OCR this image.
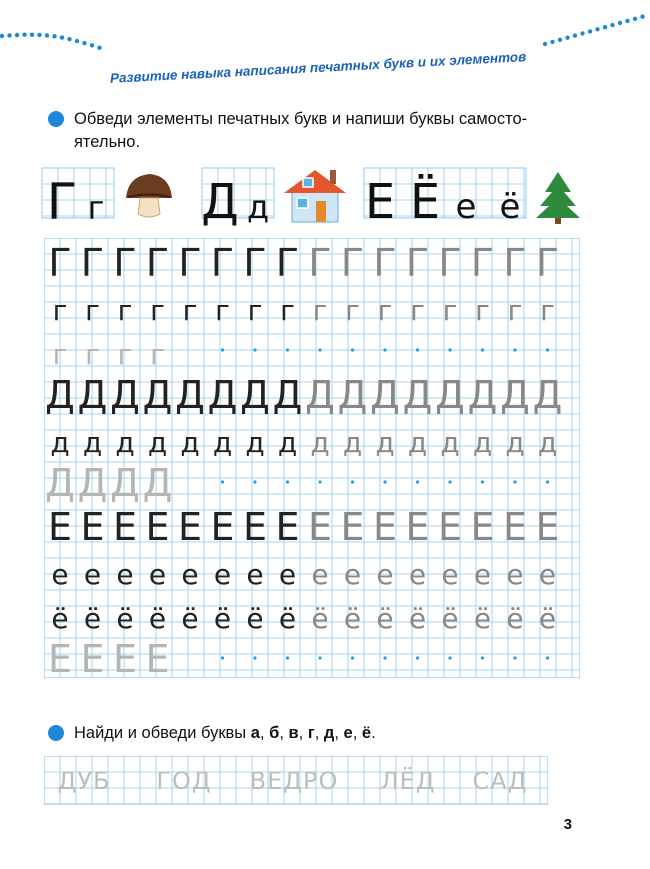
Развитие навыка написания печатных букв и их элементов
Обведи элементы печатных букв и напиши буквы самосто-
ятельно.
Г г Д д Е Ё е ё
Г Г Г Г Г Г Г Г Г Г Г Г Г Г Г Г
г г г г г г г г г г г г г г г г
г г г г
Д Д Д Д Д Д Д Д Д Д Д Д Д Д Д Д
д д д д д д д д д д д д д д д д
Д Д Д Д
Е Е Е Е Е Е Е Е Е Е Е Е Е Е Е Е
е е е е е е е е е е е е е е е е
ё ё ё ё ё ё ё ё ё ё ё ё ё ё ё ё
Е Е Е Е
Найди и обведи буквы а, б, в, г, д, е, ё.
ДУБ ГОД ВЕДРО ЛЁД САД
3
